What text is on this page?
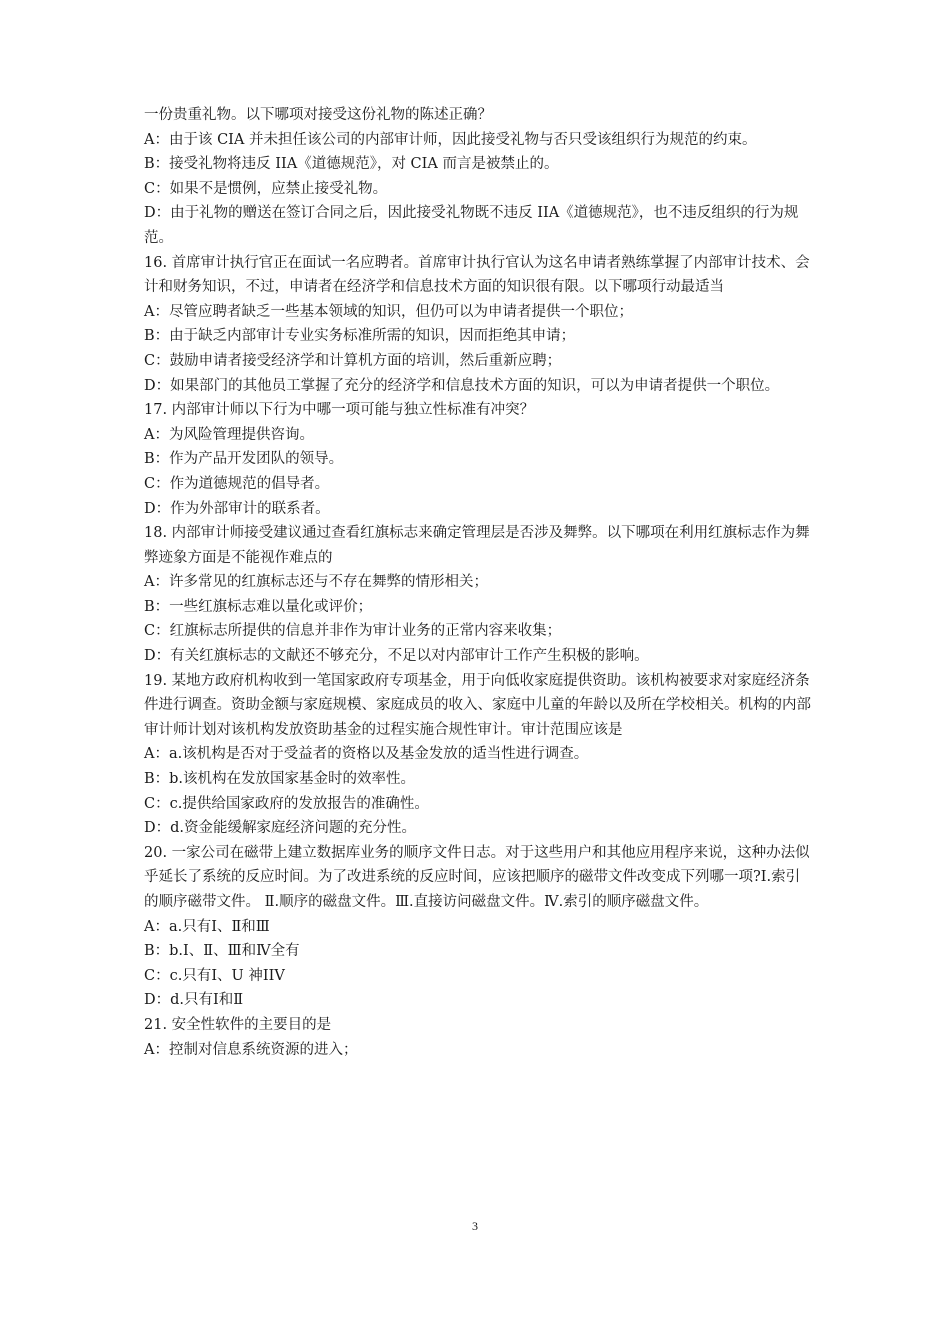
一份贵重礼物。以下哪项对接受这份礼物的陈述正确？
A：由于该 CIA 并未担任该公司的内部审计师，因此接受礼物与否只受该组织行为规范的约束。
B：接受礼物将违反 IIA《道德规范》，对 CIA 而言是被禁止的。
C：如果不是惯例，应禁止接受礼物。
D：由于礼物的赠送在签订合同之后，因此接受礼物既不违反 IIA《道德规范》，也不违反组织的行为规范。
16. 首席审计执行官正在面试一名应聘者。首席审计执行官认为这名申请者熟练掌握了内部审计技术、会计和财务知识，不过，申请者在经济学和信息技术方面的知识很有限。以下哪项行动最适当
A：尽管应聘者缺乏一些基本领域的知识，但仍可以为申请者提供一个职位；
B：由于缺乏内部审计专业实务标准所需的知识，因而拒绝其申请；
C：鼓励申请者接受经济学和计算机方面的培训，然后重新应聘；
D：如果部门的其他员工掌握了充分的经济学和信息技术方面的知识，可以为申请者提供一个职位。
17. 内部审计师以下行为中哪一项可能与独立性标准有冲突？
A：为风险管理提供咨询。
B：作为产品开发团队的领导。
C：作为道德规范的倡导者。
D：作为外部审计的联系者。
18. 内部审计师接受建议通过查看红旗标志来确定管理层是否涉及舞弊。以下哪项在利用红旗标志作为舞弊迹象方面是不能视作难点的
A：许多常见的红旗标志还与不存在舞弊的情形相关；
B：一些红旗标志难以量化或评价；
C：红旗标志所提供的信息并非作为审计业务的正常内容来收集；
D：有关红旗标志的文献还不够充分，不足以对内部审计工作产生积极的影响。
19. 某地方政府机构收到一笔国家政府专项基金，用于向低收家庭提供资助。该机构被要求对家庭经济条件进行调查。资助金额与家庭规模、家庭成员的收入、家庭中儿童的年龄以及所在学校相关。机构的内部审计师计划对该机构发放资助基金的过程实施合规性审计。审计范围应该是
A：a.该机构是否对于受益者的资格以及基金发放的适当性进行调查。
B：b.该机构在发放国家基金时的效率性。
C：c.提供给国家政府的发放报告的准确性。
D：d.资金能缓解家庭经济问题的充分性。
20. 一家公司在磁带上建立数据库业务的顺序文件日志。对于这些用户和其他应用程序来说，这种办法似乎延长了系统的反应时间。为了改进系统的反应时间，应该把顺序的磁带文件改变成下列哪一项?I.索引的顺序磁带文件。 Ⅱ.顺序的磁盘文件。Ⅲ.直接访问磁盘文件。Ⅳ.索引的顺序磁盘文件。
A：a.只有Ⅰ、Ⅱ和Ⅲ
B：b.Ⅰ、Ⅱ、Ⅲ和Ⅳ全有
C：c.只有Ⅰ、U 神ⅠIV
D：d.只有Ⅰ和Ⅱ
21. 安全性软件的主要目的是
A：控制对信息系统资源的进入；
3
